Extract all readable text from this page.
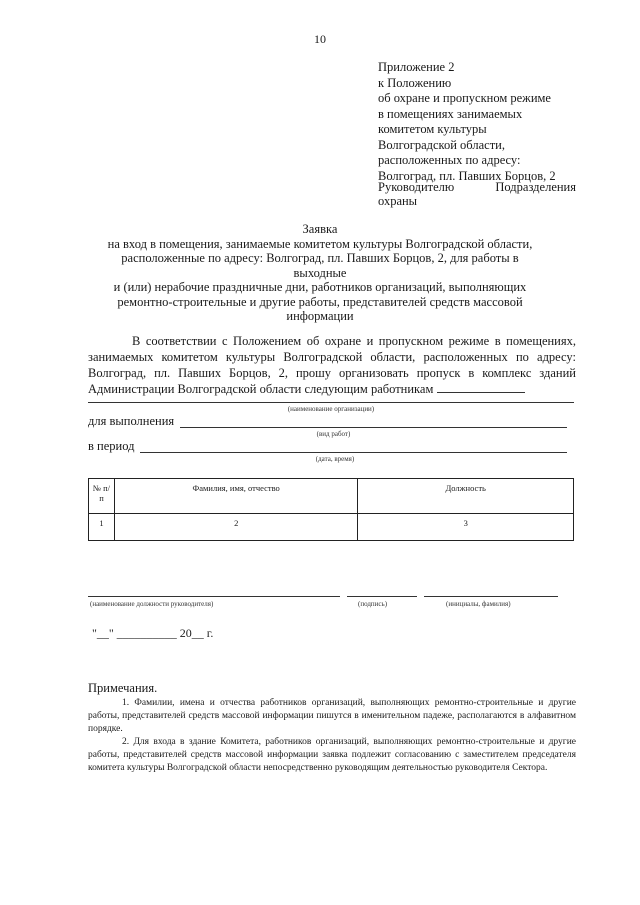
10
Приложение 2
к Положению
об охране и пропускном режиме
в помещениях занимаемых
комитетом культуры
Волгоградской области,
расположенных по адресу:
Волгоград, пл. Павших Борцов, 2
Руководителю	Подразделения
охраны
Заявка
на вход в помещения, занимаемые комитетом культуры Волгоградской области,
расположенные по адресу: Волгоград, пл. Павших Борцов, 2, для работы в выходные
и (или) нерабочие праздничные дни, работников организаций, выполняющих
ремонтно-строительные и другие работы, представителей средств массовой
информации

В соответствии с Положением об охране и пропускном режиме в помещениях, занимаемых комитетом культуры Волгоградской области, расположенных по адресу: Волгоград, пл. Павших Борцов, 2, прошу организовать пропуск в комплекс зданий Администрации Волгоградской области следующим работникам

(наименование организации)
для выполнения
(вид работ)
в период
(дата, время)
№ п/п	Фамилия, имя, отчество	Должность
1	2	3
(наименование должности руководителя)	(подпись)	(инициалы, фамилия)
"__" __________ 20__ г.
Примечания.

1. Фамилии, имена и отчества работников организаций, выполняющих ремонтно-строительные и другие работы, представителей средств массовой информации пишутся в именительном падеже, располагаются в алфавитном порядке.

2. Для входа в здание Комитета, работников организаций, выполняющих ремонтно-строительные и другие работы, представителей средств массовой информации заявка подлежит согласованию с заместителем председателя комитета культуры Волгоградской области непосредственно руководящим деятельностью руководителя Сектора.
